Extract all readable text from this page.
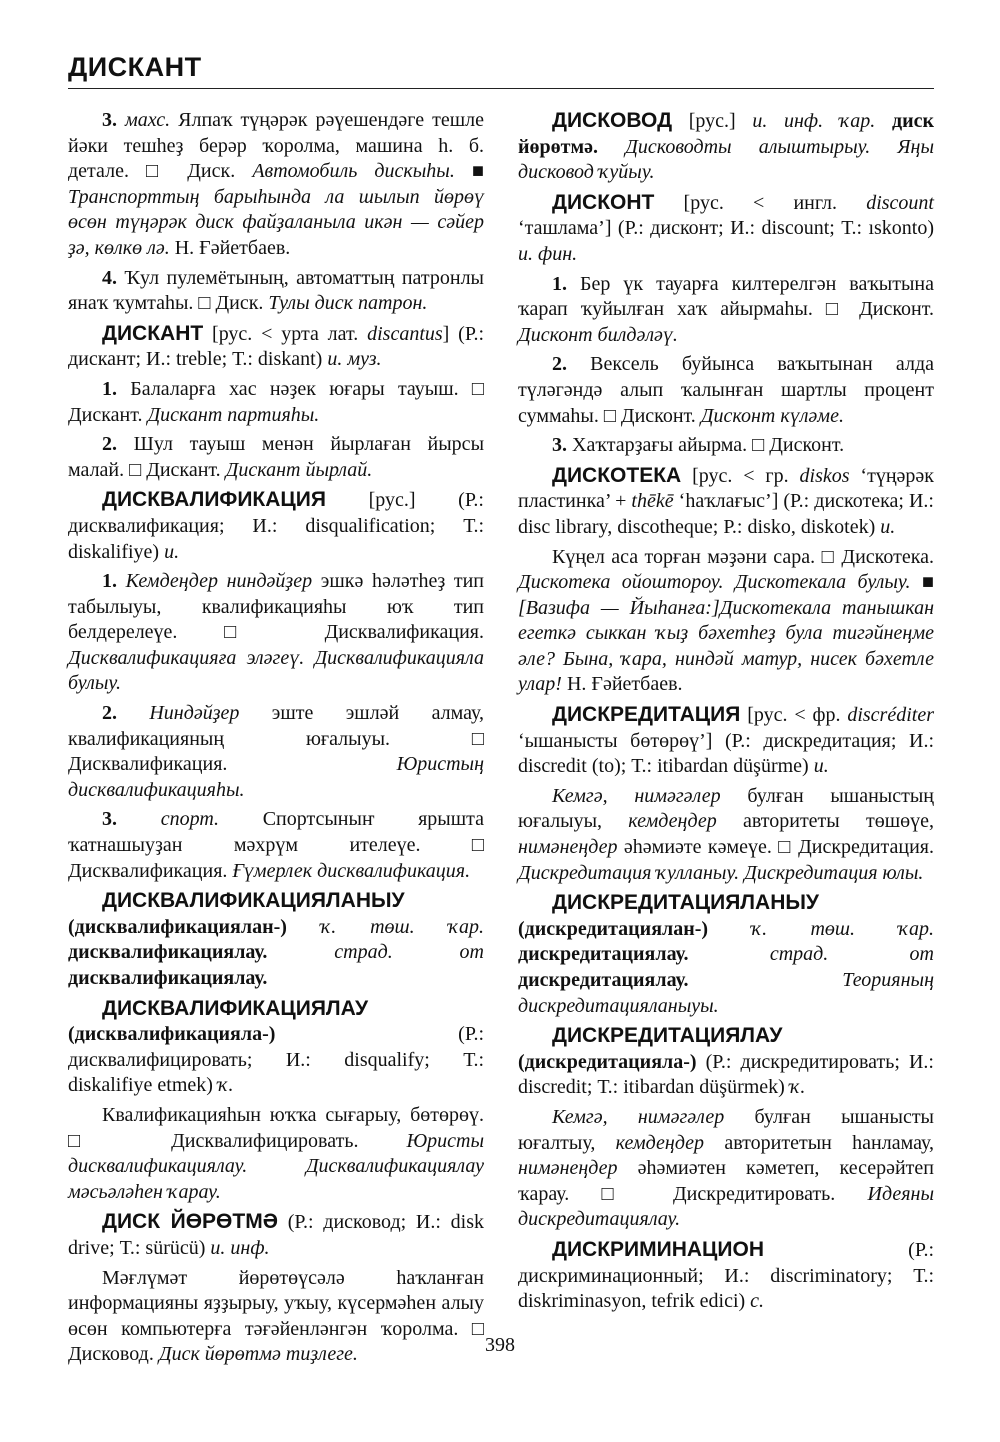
ДИСКАНТ

3. махс. Ялпаҡ түңәрәк рәүешендәге тешле йәки тешһеҙ берәр ҡоролма, машина һ. б. детале. □ Диск. Автомобиль дискыһы. ■ Транспорттың барыһында ла шылып йөрөү өсөн түңәрәк диск файҙаланыла икән — сәйер ҙә, көлкө лә. Н. Ғәйетбаев.

4. Ҡул пулемётының, автоматтың патронлы янаҡ ҡумтаһы. □ Диск. Тулы диск патрон.

ДИСКАНТ [рус. < урта лат. discantus] (Р.: дискант; И.: treble; Т.: diskant) и. муз.

1. Балаларға хас нәҙек юғары тауыш. □ Дискант. Дискант партияһы.

2. Шул тауыш менән йырлаған йырсы малай. □ Дискант. Дискант йырлай.

ДИСКВАЛИФИКАЦИЯ [рус.] (Р.: дисквалификация; И.: disqualification; Т.: diskalifiye) и.

1. Кемдеңдер ниндәйҙер эшкә һәләтһеҙ тип табылыуы, квалификацияһы юҡ тип белдерелеүе. □ Дисквалификация. Дисквалификацияға эләгеү. Дисквалификацияла булыу.

2. Ниндәйҙер эште эшләй алмау, квалификацияның юғалыуы. □ Дисквалификация. Юристың дисквалификацияһы.

3. спорт. Спортсыныҥ ярышта ҡатнашыуҙан мәхрүм ителеүе. □ Дисквалификация. Ғүмерлек дисквалификация.

ДИСКВАЛИФИКАЦИЯЛАНЫУ (дисквалификациялан-) ҡ. төш. ҡар. дисквалификациялау.	страд. от дисквалификациялау.

ДИСКВАЛИФИКАЦИЯЛАУ (дисквалификацияла-) (Р.: дисквалифицировать; И.: disqualify; Т.: diskalifiye etmek) ҡ.

Квалификацияһын юҡҡа сығарыу, бөтөрөү. □ Дисквалифицировать. Юристы дисквалификациялау. Дисквалификациялау мәсьәләһен ҡарау.

ДИСК ЙӨРӨТМӘ (Р.: дисковод; И.: disk drive; Т.: sürücü) и. инф.

Мәғлүмәт йөрөтөүсәлә һаҡланған информацияны яҙҙырыу, уҡыу, күсермәһен алыу өсөн компьютерға тәғәйенләнгән ҡоролма. □ Дисковод. Диск йөрөтмә тиҙлеге.

ДИСКОВОД [рус.] и. инф. ҡар. диск йөрөтмә. Дисководты алыштырыу. Яңы дисковод ҡуйыу.

ДИСКОНТ [рус. < ингл. discount ‘ташлама’] (Р.: дисконт; И.: discount; Т.: ıskonto) и. фин.

1. Бер үк тауарға килтерелгән ваҡытына ҡарап ҡуйылған хаҡ айырмаһы. □ Дисконт. Дисконт билдәләү.

2. Вексель буйынса ваҡытынан алда түләгәндә алып ҡалынған шартлы процент суммаһы. □ Дисконт. Дисконт күләме.

3. Хаҡтарҙағы айырма. □ Дисконт.

ДИСКОТЕКА [рус. < гр. diskos ‘түңәрәк пластинка’ + thēkē ‘һаҡлағыс’] (Р.: дискотека; И.: disc library, discotheque; Р.: disko, diskotek) и.

Күңел аса торған мәҙәни сара. □ Дискотека. Дискотека ойоштороу. Дискотекала булыу. ■ [Вазифа — Йыһанға:]Дискотекала танышкан егеткә сыккан ҡыҙ бәхетһеҙ була тигәйнеңме әле? Бына, ҡара, ниндәй матур, нисек бәхетле улар! Н. Ғәйетбаев.

ДИСКРЕДИТАЦИЯ [рус. < фр. discréditer ‘ышанысты бөтөрөү’] (Р.: дискредитация; И.: discredit (to); Т.: itibardan düşürme) и.

Кемгә, нимәгәлер булған ышаныстың юғалыуы, кемдеңдер авторитеты төшөүе, нимәнеңдер әһәмиәте кәмеүе. □ Дискредитация. Дискредитация ҡулланыу. Дискредитация юлы.

ДИСКРЕДИТАЦИЯЛАНЫУ (дискредитациялан-) ҡ. төш. ҡар. дискредитациялау.	страд. от дискредитациялау.	Теорияның дискредитацияланыуы.

ДИСКРЕДИТАЦИЯЛАУ (дискредитацияла-) (Р.: дискредитировать; И.: discredit; Т.: itibardan düşürmek) ҡ.

Кемгә, нимәгәлер булған ышанысты юғалтыу, кемдеңдер авторитетын һанламау, нимәнеңдер әһәмиәтен кәметеп, кесерәйтеп ҡарау. □ Дискредитировать. Идеяны дискредитациялау.

ДИСКРИМИНАЦИОН (Р.: дискриминационный; И.: discriminatory; Т.: diskriminasyon, tefrik edici) с.

398
